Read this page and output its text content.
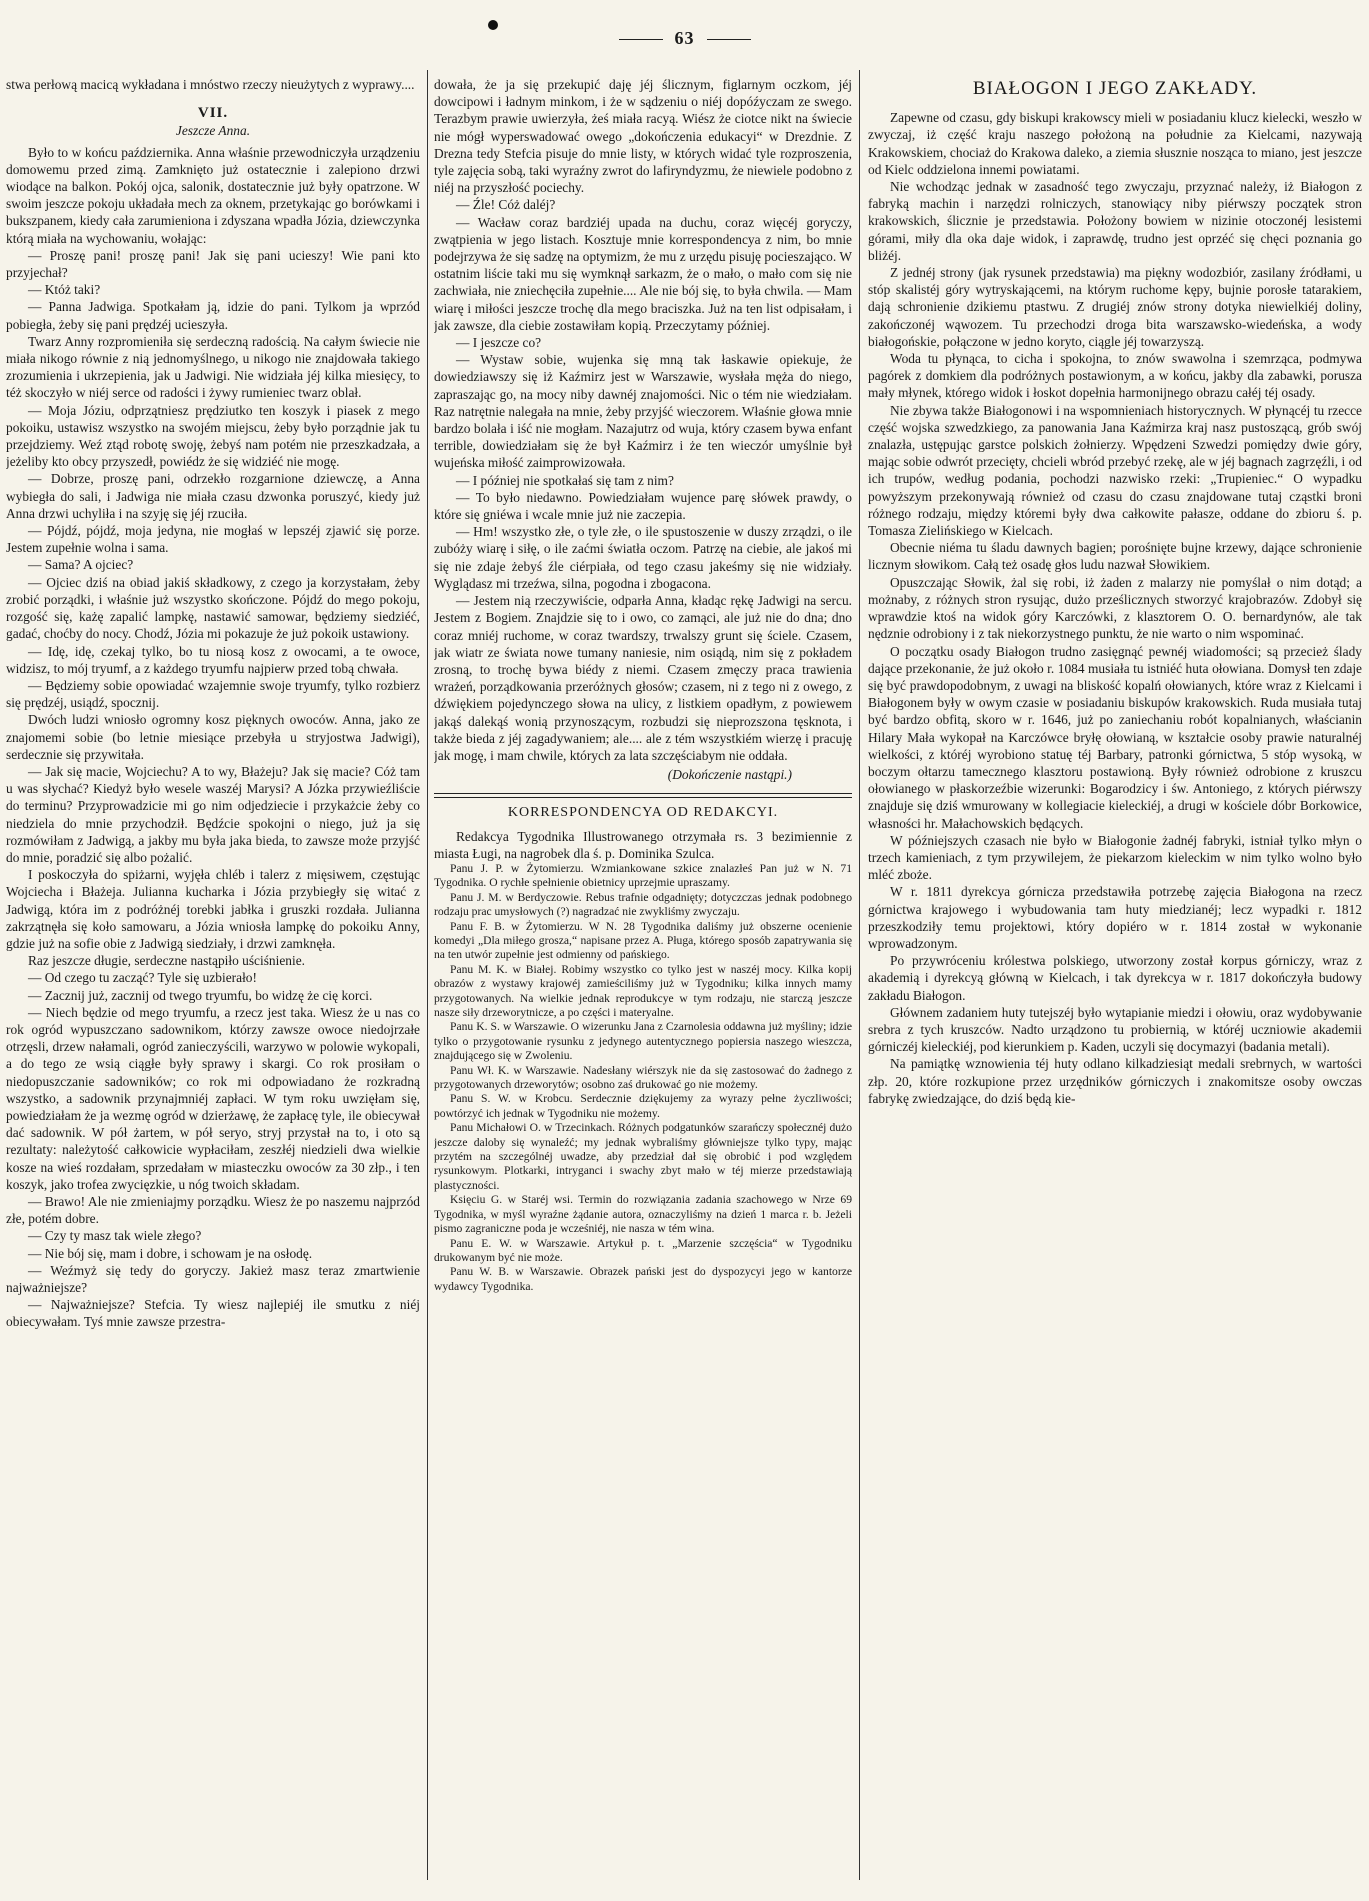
63

stwa perłową macicą wykładana i mnóstwo rzeczy nieużytych z wyprawy....

VII.

Jeszcze Anna.

Było to w końcu października. Anna właśnie przewodniczyła urządzeniu domowemu przed zimą. Zamknięto już ostatecznie i zalepiono drzwi wiodące na balkon. Pokój ojca, salonik, dostatecznie już były opatrzone. W swoim jeszcze pokoju układała mech za oknem, przetykając go borówkami i bukszpanem, kiedy cała zarumieniona i zdyszana wpadła Józia, dziewczynka którą miała na wychowaniu, wołając:

— Proszę pani! proszę pani! Jak się pani ucieszy! Wie pani kto przyjechał?

— Któż taki?

— Panna Jadwiga. Spotkałam ją, idzie do pani. Tylkom ja wprzód pobiegła, żeby się pani prędzéj ucieszyła.

Twarz Anny rozpromieniła się serdeczną radością. Na całym świecie nie miała nikogo równie z nią jednomyślnego, u nikogo nie znajdowała takiego zrozumienia i ukrzepienia, jak u Jadwigi. Nie widziała jéj kilka miesięcy, to téż skoczyło w niéj serce od radości i żywy rumieniec twarz oblał.

— Moja Józiu, odprzątniesz prędziutko ten koszyk i piasek z mego pokoiku, ustawisz wszystko na swojém miejscu, żeby było porządnie jak tu przejdziemy. Weź ztąd robotę swoję, żebyś nam potém nie przeszkadzała, a jeżeliby kto obcy przyszedł, powiédz że się widziéć nie mogę.

— Dobrze, proszę pani, odrzekło rozgarnione dziewczę, a Anna wybiegła do sali, i Jadwiga nie miała czasu dzwonka poruszyć, kiedy już Anna drzwi uchyliła i na szyję się jéj rzuciła.

— Pójdź, pójdź, moja jedyna, nie mogłaś w lepszéj zjawić się porze. Jestem zupełnie wolna i sama.

— Sama? A ojciec?

— Ojciec dziś na obiad jakiś składkowy, z czego ja korzystałam, żeby zrobić porządki, i właśnie już wszystko skończone. Pójdź do mego pokoju, rozgość się, każę zapalić lampkę, nastawić samowar, będziemy siedziéć, gadać, choćby do nocy. Chodź, Józia mi pokazuje że już pokoik ustawiony.

— Idę, idę, czekaj tylko, bo tu niosą kosz z owocami, a te owoce, widzisz, to mój tryumf, a z każdego tryumfu najpierw przed tobą chwała.

— Będziemy sobie opowiadać wzajemnie swoje tryumfy, tylko rozbierz się prędzéj, usiądź, spocznij.

Dwóch ludzi wniosło ogromny kosz pięknych owoców. Anna, jako ze znajomemi sobie (bo letnie miesiące przebyła u stryjostwa Jadwigi), serdecznie się przywitała.

— Jak się macie, Wojciechu? A to wy, Błażeju? Jak się macie? Cóż tam u was słychać? Kiedyż było wesele waszéj Marysi? A Józka przywieźliście do terminu? Przyprowadzicie mi go nim odjedziecie i przykażcie żeby co niedziela do mnie przychodził. Będźcie spokojni o niego, już ja się rozmówiłam z Jadwigą, a jakby mu była jaka bieda, to zawsze może przyjść do mnie, poradzić się albo pożalić.

I poskoczyła do spiżarni, wyjęła chléb i talerz z mięsiwem, częstując Wojciecha i Błażeja. Julianna kucharka i Józia przybiegły się witać z Jadwigą, która im z podróżnéj torebki jabłka i gruszki rozdała. Julianna zakrzątnęła się koło samowaru, a Józia wniosła lampkę do pokoiku Anny, gdzie już na sofie obie z Jadwigą siedziały, i drzwi zamknęła.

Raz jeszcze długie, serdeczne nastąpiło uściśnienie.

— Od czego tu zacząć? Tyle się uzbierało!

— Zacznij już, zacznij od twego tryumfu, bo widzę że cię korci.

— Niech będzie od mego tryumfu, a rzecz jest taka. Wiesz że u nas co rok ogród wypuszczano sadownikom, którzy zawsze owoce niedojrzałe otrzęsli, drzew nałamali, ogród zanieczyścili, warzywo w polowie wykopali, a do tego ze wsią ciągłe były sprawy i skargi. Co rok prosiłam o niedopuszczanie sadowników; co rok mi odpowiadano że rozkradną wszystko, a sadownik przynajmniéj zapłaci. W tym roku uwzięłam się, powiedziałam że ja wezmę ogród w dzierżawę, że zapłacę tyle, ile obiecywał dać sadownik. W pół żartem, w pół seryo, stryj przystał na to, i oto są rezultaty: należytość całkowicie wypłaciłam, zeszłéj niedzieli dwa wielkie kosze na wieś rozdałam, sprzedałam w miasteczku owoców za 30 złp., i ten koszyk, jako trofea zwycięzkie, u nóg twoich składam.

— Brawo! Ale nie zmieniajmy porządku. Wiesz że po naszemu najprzód złe, potém dobre.

— Czy ty masz tak wiele złego?

— Nie bój się, mam i dobre, i schowam je na osłodę.

— Weźmyż się tedy do goryczy. Jakież masz teraz zmartwienie najważniejsze?

— Najważniejsze? Stefcia. Ty wiesz najlepiéj ile smutku z niéj obiecywałam. Tyś mnie zawsze przestra-

dowała, że ja się przekupić daję jéj ślicznym, figlarnym oczkom, jéj dowcipowi i ładnym minkom, i że w sądzeniu o niéj dopóźyczam ze swego. Terazbym prawie uwierzyła, żeś miała racyą. Wiész że ciotce nikt na świecie nie mógł wyperswadować owego „dokończenia edukacyi“ w Drezdnie. Z Drezna tedy Stefcia pisuje do mnie listy, w których widać tyle rozproszenia, tyle zajęcia sobą, taki wyraźny zwrot do lafiryndyzmu, że niewiele podobno z niéj na przyszłość pociechy.

— Źle! Cóż daléj?

— Wacław coraz bardziéj upada na duchu, coraz więcéj goryczy, zwątpienia w jego listach. Kosztuje mnie korrespondencya z nim, bo mnie podejrzywa że się sadzę na optymizm, że mu z urzędu pisuję pocieszająco. W ostatnim liście taki mu się wymknął sarkazm, że o mało, o mało com się nie zachwiała, nie zniechęciła zupełnie.... Ale nie bój się, to była chwila. — Mam wiarę i miłości jeszcze trochę dla mego braciszka. Już na ten list odpisałam, i jak zawsze, dla ciebie zostawiłam kopią. Przeczytamy później.

— I jeszcze co?

— Wystaw sobie, wujenka się mną tak łaskawie opiekuje, że dowiedziawszy się iż Kaźmirz jest w Warszawie, wysłała męża do niego, zapraszając go, na mocy niby dawnéj znajomości. Nic o tém nie wiedziałam. Raz natrętnie nalegała na mnie, żeby przyjść wieczorem. Właśnie głowa mnie bardzo bolała i iść nie mogłam. Nazajutrz od wuja, który czasem bywa enfant terrible, dowiedziałam się że był Kaźmirz i że ten wieczór umyślnie był wujeńska miłość zaimprowizowała.

— I później nie spotkałaś się tam z nim?

— To było niedawno. Powiedziałam wujence parę słówek prawdy, o które się gniéwa i wcale mnie już nie zaczepia.

— Hm! wszystko złe, o tyle złe, o ile spustoszenie w duszy zrządzi, o ile zubóży wiarę i siłę, o ile zaćmi światła oczom. Patrzę na ciebie, ale jakoś mi się nie zdaje żebyś źle ciérpiała, od tego czasu jakeśmy się nie widziały. Wyglądasz mi trzeźwa, silna, pogodna i zbogacona.

— Jestem nią rzeczywiście, odparła Anna, kładąc rękę Jadwigi na sercu. Jestem z Bogiem. Znajdzie się to i owo, co zamąci, ale już nie do dna; dno coraz mniéj ruchome, w coraz twardszy, trwalszy grunt się ściele. Czasem, jak wiatr ze świata nowe tumany naniesie, nim osiądą, nim się z pokładem zrosną, to trochę bywa biédy z niemi. Czasem zmęczy praca trawienia wrażeń, porządkowania przeróżnych głosów; czasem, ni z tego ni z owego, z dźwiękiem pojedynczego słowa na ulicy, z listkiem opadłym, z powiewem jakąś dalekąś wonią przynoszącym, rozbudzi się nieprozszona tęsknota, i także bieda z jéj zagadywaniem; ale.... ale z tém wszystkiém wierzę i pracuję jak mogę, i mam chwile, których za lata szczęściabym nie oddała.

(Dokończenie nastąpi.)

KORRESPONDENCYA OD REDAKCYI.

Redakcya Tygodnika Illustrowanego otrzymała rs. 3 bezimiennie z miasta Ługi, na nagrobek dla ś. p. Dominika Szulca.

Panu J. P. w Żytomierzu. Wzmiankowane szkice znalazłeś Pan już w N. 71 Tygodnika. O rychłe spełnienie obietnicy uprzejmie upraszamy.

Panu J. M. w Berdyczowie. Rebus trafnie odgadnięty; dotyczczas jednak podobnego rodzaju prac umysłowych (?) nagradzać nie zwykliśmy zwyczaju.

Panu F. B. w Żytomierzu. W N. 28 Tygodnika daliśmy już obszerne ocenienie komedyi „Dla miłego grosza,“ napisane przez A. Pługa, którego sposób zapatrywania się na ten utwór zupełnie jest odmienny od pańskiego.

Panu M. K. w Białej. Robimy wszystko co tylko jest w naszéj mocy. Kilka kopij obrazów z wystawy krajowéj zamieściliśmy już w Tygodniku; kilka innych mamy przygotowanych. Na wielkie jednak reprodukcye w tym rodzaju, nie starczą jeszcze nasze siły drzeworytnicze, a po części i materyalne.

Panu K. S. w Warszawie. O wizerunku Jana z Czarnolesia oddawna już myśliny; idzie tylko o przygotowanie rysunku z jedynego autentycznego popiersia naszego wieszcza, znajdującego się w Zwoleniu.

Panu Wł. K. w Warszawie. Nadesłany wiérszyk nie da się zastosować do żadnego z przygotowanych drzeworytów; osobno zaś drukować go nie możemy.

Panu S. W. w Krobcu. Serdecznie dziękujemy za wyrazy pełne życzliwości; powtórzyć ich jednak w Tygodniku nie możemy.

Panu Michałowi O. w Trzecinkach. Różnych podgatunków szarańczy społecznéj dużo jeszcze daloby się wynaleźć; my jednak wybraliśmy główniejsze tylko typy, mając przytém na szczególnéj uwadze, aby przedział dał się obrobić i pod względem rysunkowym. Plotkarki, intryganci i swachy zbyt mało w téj mierze przedstawiają plastyczności.

Księciu G. w Staréj wsi. Termin do rozwiązania zadania szachowego w Nrze 69 Tygodnika, w myśl wyraźne żądanie autora, oznaczyliśmy na dzień 1 marca r. b. Jeżeli pismo zagraniczne poda je wcześniéj, nie nasza w tém wina.

Panu E. W. w Warszawie. Artykuł p. t. „Marzenie szczęścia“ w Tygodniku drukowanym być nie może.

Panu W. B. w Warszawie. Obrazek pański jest do dyspozycyi jego w kantorze wydawcy Tygodnika.

BIAŁOGON I JEGO ZAKŁADY.

Zapewne od czasu, gdy biskupi krakowscy mieli w posiadaniu klucz kielecki, weszło w zwyczaj, iż część kraju naszego położoną na południe za Kielcami, nazywają Krakowskiem, chociaż do Krakowa daleko, a ziemia słusznie nosząca to miano, jest jeszcze od Kielc oddzielona innemi powiatami.

Nie wchodząc jednak w zasadność tego zwyczaju, przyznać należy, iż Białogon z fabryką machin i narzędzi rolniczych, stanowiący niby piérwszy początek stron krakowskich, ślicznie je przedstawia. Położony bowiem w nizinie otoczonéj lesistemi górami, miły dla oka daje widok, i zaprawdę, trudno jest oprzéć się chęci poznania go bliżéj.

Z jednéj strony (jak rysunek przedstawia) ma piękny wodozbiór, zasilany źródłami, u stóp skalistéj góry wytryskającemi, na którym ruchome kępy, bujnie porosłe tatarakiem, dają schronienie dzikiemu ptastwu. Z drugiéj znów strony dotyka niewielkiéj doliny, zakończonéj wąwozem. Tu przechodzi droga bita warszawsko-wiedeńska, a wody białogońskie, połączone w jedno koryto, ciągle jéj towarzyszą.

Woda tu płynąca, to cicha i spokojna, to znów swawolna i szemrząca, podmywa pagórek z domkiem dla podróżnych postawionym, a w końcu, jakby dla zabawki, porusza mały młynek, którego widok i łoskot dopełnia harmonijnego obrazu całéj téj osady.

Nie zbywa także Białogonowi i na wspomnieniach historycznych. W płynącéj tu rzecce część wojska szwedzkiego, za panowania Jana Kaźmirza kraj nasz pustoszącą, grób swój znalazła, ustępując garstce polskich żołnierzy. Wpędzeni Szwedzi pomiędzy dwie góry, mając sobie odwrót przecięty, chcieli wbród przebyć rzekę, ale w jéj bagnach zagrzęźli, i od ich trupów, według podania, pochodzi nazwisko rzeki: „Trupieniec.“ O wypadku powyższym przekonywają również od czasu do czasu znajdowane tutaj cząstki broni różnego rodzaju, między któremi były dwa całkowite pałasze, oddane do zbioru ś. p. Tomasza Zielińskiego w Kielcach.

Obecnie niéma tu śladu dawnych bagien; porośnięte bujne krzewy, dające schronienie licznym słowikom. Całą też osadę głos ludu nazwał Słowikiem.

Opuszczając Słowik, żal się robi, iż żaden z malarzy nie pomyślał o nim dotąd; a możnaby, z różnych stron rysując, dużo prześlicznych stworzyć krajobrazów. Zdobył się wprawdzie ktoś na widok góry Karczówki, z klasztorem O. O. bernardynów, ale tak nędznie odrobiony i z tak niekorzystnego punktu, że nie warto o nim wspominać.

O początku osady Białogon trudno zasięgnąć pewnéj wiadomości; są przecież ślady dające przekonanie, że już około r. 1084 musiała tu istniéć huta ołowiana. Domysł ten zdaje się być prawdopodobnym, z uwagi na bliskość kopalń ołowianych, które wraz z Kielcami i Białogonem były w owym czasie w posiadaniu biskupów krakowskich. Ruda musiała tutaj być bardzo obfitą, skoro w r. 1646, już po zaniechaniu robót kopalnianych, właścianin Hilary Mała wykopał na Karczówce bryłę ołowianą, w kształcie osoby prawie naturalnéj wielkości, z któréj wyrobiono statuę téj Barbary, patronki górnictwa, 5 stóp wysoką, w boczym ołtarzu tamecznego klasztoru postawioną. Były również odrobione z kruszcu ołowianego w płaskorzeźbie wizerunki: Bogarodzicy i św. Antoniego, z których piérwszy znajduje się dziś wmurowany w kollegiacie kieleckiéj, a drugi w kościele dóbr Borkowice, własności hr. Małachowskich będących.

W późniejszych czasach nie było w Białogonie żadnéj fabryki, istniał tylko młyn o trzech kamieniach, z tym przywilejem, że piekarzom kieleckim w nim tylko wolno było mléć zboże.

W r. 1811 dyrekcya górnicza przedstawiła potrzebę zajęcia Białogona na rzecz górnictwa krajowego i wybudowania tam huty miedzianéj; lecz wypadki r. 1812 przeszkodziły temu projektowi, który dopiéro w r. 1814 został w wykonanie wprowadzonym.

Po przywróceniu królestwa polskiego, utworzony został korpus górniczy, wraz z akademią i dyrekcyą główną w Kielcach, i tak dyrekcya w r. 1817 dokończyła budowy zakładu Białogon.

Głównem zadaniem huty tutejszéj było wytapianie miedzi i ołowiu, oraz wydobywanie srebra z tych kruszców. Nadto urządzono tu probiernią, w któréj uczniowie akademii górniczéj kieleckiéj, pod kierunkiem p. Kaden, uczyli się docymazyi (badania metali).

Na pamiątkę wznowienia téj huty odlano kilkadziesiąt medali srebrnych, w wartości złp. 20, które rozkupione przez urzędników górniczych i znakomitsze osoby owczas fabrykę zwiedzające, do dziś będą kie-
